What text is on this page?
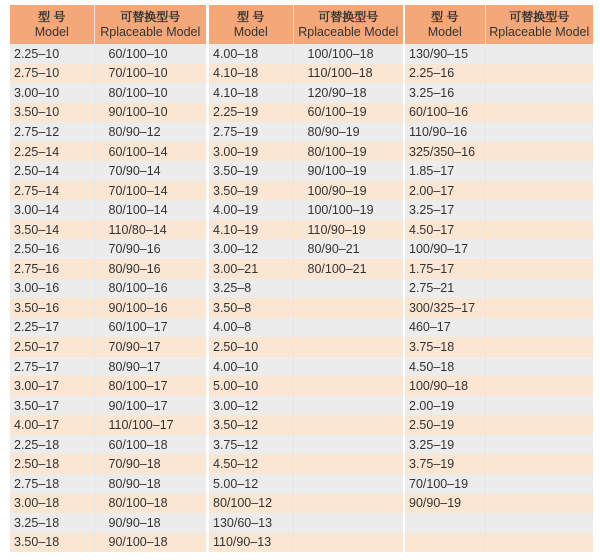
型 号
Model	可替换型号
Rplaceable Model

2.25–10	60/100–10
2.75–10	70/100–10
3.00–10	80/100–10
3.50–10	90/100–10
2.75–12	80/90–12
2.25–14	60/100–14
2.50–14	70/90–14
2.75–14	70/100–14
3.00–14	80/100–14
3.50–14	110/80–14
2.50–16	70/90–16
2.75–16	80/90–16
3.00–16	80/100–16
3.50–16	90/100–16
2.25–17	60/100–17
2.50–17	70/90–17
2.75–17	80/90–17
3.00–17	80/100–17
3.50–17	90/100–17
4.00–17	110/100–17
2.25–18	60/100–18
2.50–18	70/90–18
2.75–18	80/90–18
3.00–18	80/100–18
3.25–18	90/90–18
3.50–18	90/100–18
型 号
Model	可替换型号
Rplaceable Model

4.00–18	100/100–18
4.10–18	110/100–18
4.10–18	120/90–18
2.25–19	60/100–19
2.75–19	80/90–19
3.00–19	80/100–19
3.50–19	90/100–19
3.50–19	100/90–19
4.00–19	100/100–19
4.10–19	110/90–19
3.00–12	80/90–21
3.00–21	80/100–21
3.25–8	
3.50–8	
4.00–8	
2.50–10	
4.00–10	
5.00–10	
3.00–12	
3.50–12	
3.75–12	
4.50–12	
5.00–12	
80/100–12	
130/60–13	
110/90–13	
型 号
Model	可替换型号
Rplaceable Model

130/90–15	
2.25–16	
3.25–16	
60/100–16	
110/90–16	
325/350–16	
1.85–17	
2.00–17	
3.25–17	
4.50–17	
100/90–17	
1.75–17	
2.75–21	
300/325–17	
460–17	
3.75–18	
4.50–18	
100/90–18	
2.00–19	
2.50–19	
3.25–19	
3.75–19	
70/100–19	
90/90–19	
